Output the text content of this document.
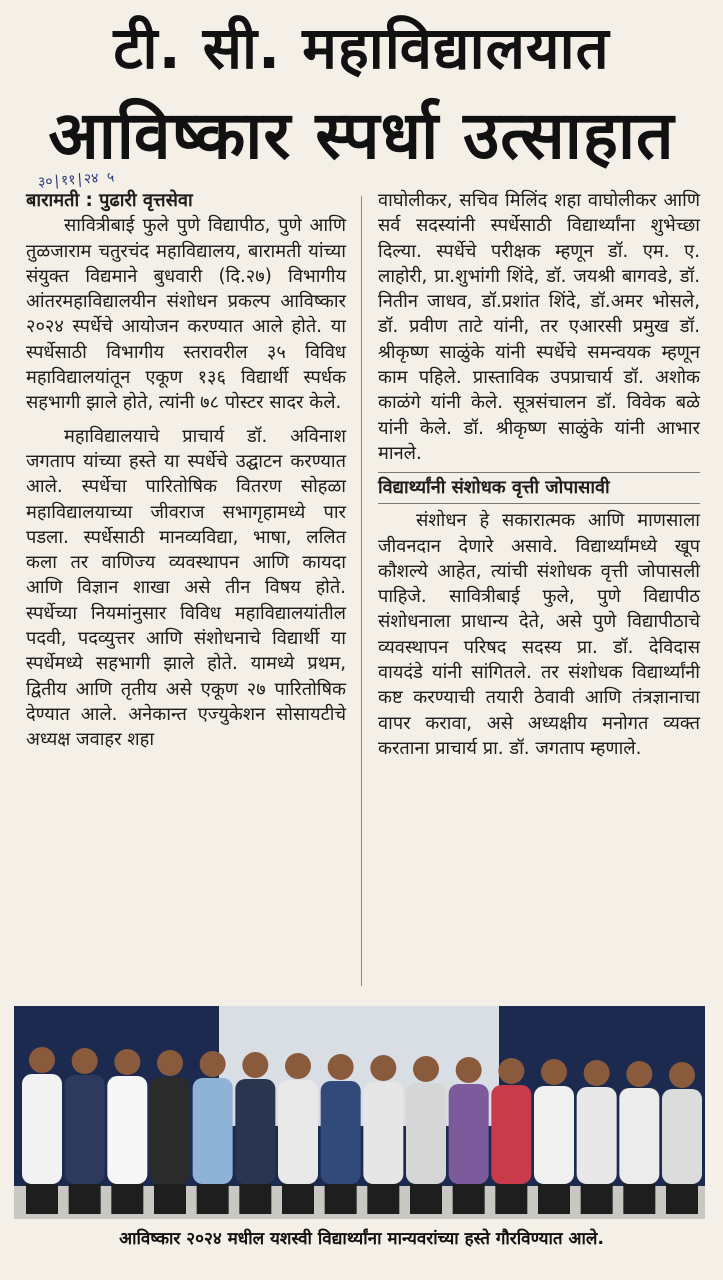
टी. सी. महाविद्यालयात
आविष्कार स्पर्धा उत्साहात
३०|११|२४ ५

बारामती : पुढारी वृत्तसेवा

सावित्रीबाई फुले पुणे विद्यापीठ, पुणे आणि तुळजाराम चतुरचंद महाविद्यालय, बारामती यांच्या संयुक्त विद्यमाने बुधवारी (दि.२७) विभागीय आंतरमहाविद्यालयीन संशोधन प्रकल्प आविष्कार २०२४ स्पर्धेचे आयोजन करण्यात आले होते. या स्पर्धेसाठी विभागीय स्तरावरील ३५ विविध महाविद्यालयांतून एकूण १३६ विद्यार्थी स्पर्धक सहभागी झाले होते, त्यांनी ७८ पोस्टर सादर केले.

महाविद्यालयाचे प्राचार्य डॉ. अविनाश जगताप यांच्या हस्ते या स्पर्धेचे उद्घाटन करण्यात आले. स्पर्धेचा पारितोषिक वितरण सोहळा महाविद्यालयाच्या जीवराज सभागृहामध्ये पार पडला. स्पर्धेसाठी मानव्यविद्या, भाषा, ललित कला तर वाणिज्य व्यवस्थापन आणि कायदा आणि विज्ञान शाखा असे तीन विषय होते. स्पर्धेच्या नियमांनुसार विविध महाविद्यालयांतील पदवी, पदव्युत्तर आणि संशोधनाचे विद्यार्थी या स्पर्धेमध्ये सहभागी झाले होते. यामध्ये प्रथम, द्वितीय आणि तृतीय असे एकूण २७ पारितोषिक देण्यात आले. अनेकान्त एज्युकेशन सोसायटीचे अध्यक्ष जवाहर शहा

वाघोलीकर, सचिव मिलिंद शहा वाघोलीकर आणि सर्व सदस्यांनी स्पर्धेसाठी विद्यार्थ्यांना शुभेच्छा दिल्या. स्पर्धेचे परीक्षक म्हणून डॉ. एम. ए. लाहोरी, प्रा.शुभांगी शिंदे, डॉ. जयश्री बागवडे, डॉ. नितीन जाधव, डॉ.प्रशांत शिंदे, डॉ.अमर भोसले, डॉ. प्रवीण ताटे यांनी, तर एआरसी प्रमुख डॉ. श्रीकृष्ण साळुंके यांनी स्पर्धेचे समन्वयक म्हणून काम पहिले. प्रास्ताविक उपप्राचार्य डॉ. अशोक काळंगे यांनी केले. सूत्रसंचालन डॉ. विवेक बळे यांनी केले. डॉ. श्रीकृष्ण साळुंके यांनी आभार मानले.

विद्यार्थ्यांनी संशोधक वृत्ती जोपासावी

संशोधन हे सकारात्मक आणि माणसाला जीवनदान देणारे असावे. विद्यार्थ्यांमध्ये खूप कौशल्ये आहेत, त्यांची संशोधक वृत्ती जोपासली पाहिजे. सावित्रीबाई फुले, पुणे विद्यापीठ संशोधनाला प्राधान्य देते, असे पुणे विद्यापीठाचे व्यवस्थापन परिषद सदस्य प्रा. डॉ. देविदास वायदंडे यांनी सांगितले. तर संशोधक विद्यार्थ्यांनी कष्ट करण्याची तयारी ठेवावी आणि तंत्रज्ञानाचा वापर करावा, असे अध्यक्षीय मनोगत व्यक्त करताना प्राचार्य प्रा. डॉ. जगताप म्हणाले.

आविष्कार २०२४ मधील यशस्वी विद्यार्थ्यांना मान्यवरांच्या हस्ते गौरविण्यात आले.
